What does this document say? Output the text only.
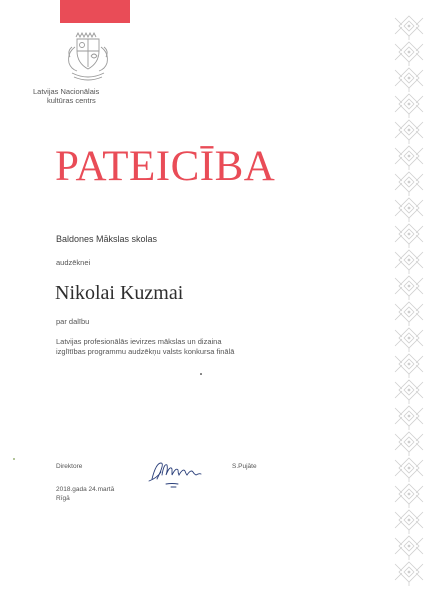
Latvijas Nacionālais
kultūras centrs
PATEICĪBA
Baldones Mākslas skolas
audzēknei
Nikolai Kuzmai
par dalību
Latvijas profesionālās ievirzes mākslas un dizaina
izglītības programmu audzēkņu valsts konkursa finālā
Direktore	S.Pujāte
2018.gada 24.martā
Rīgā
